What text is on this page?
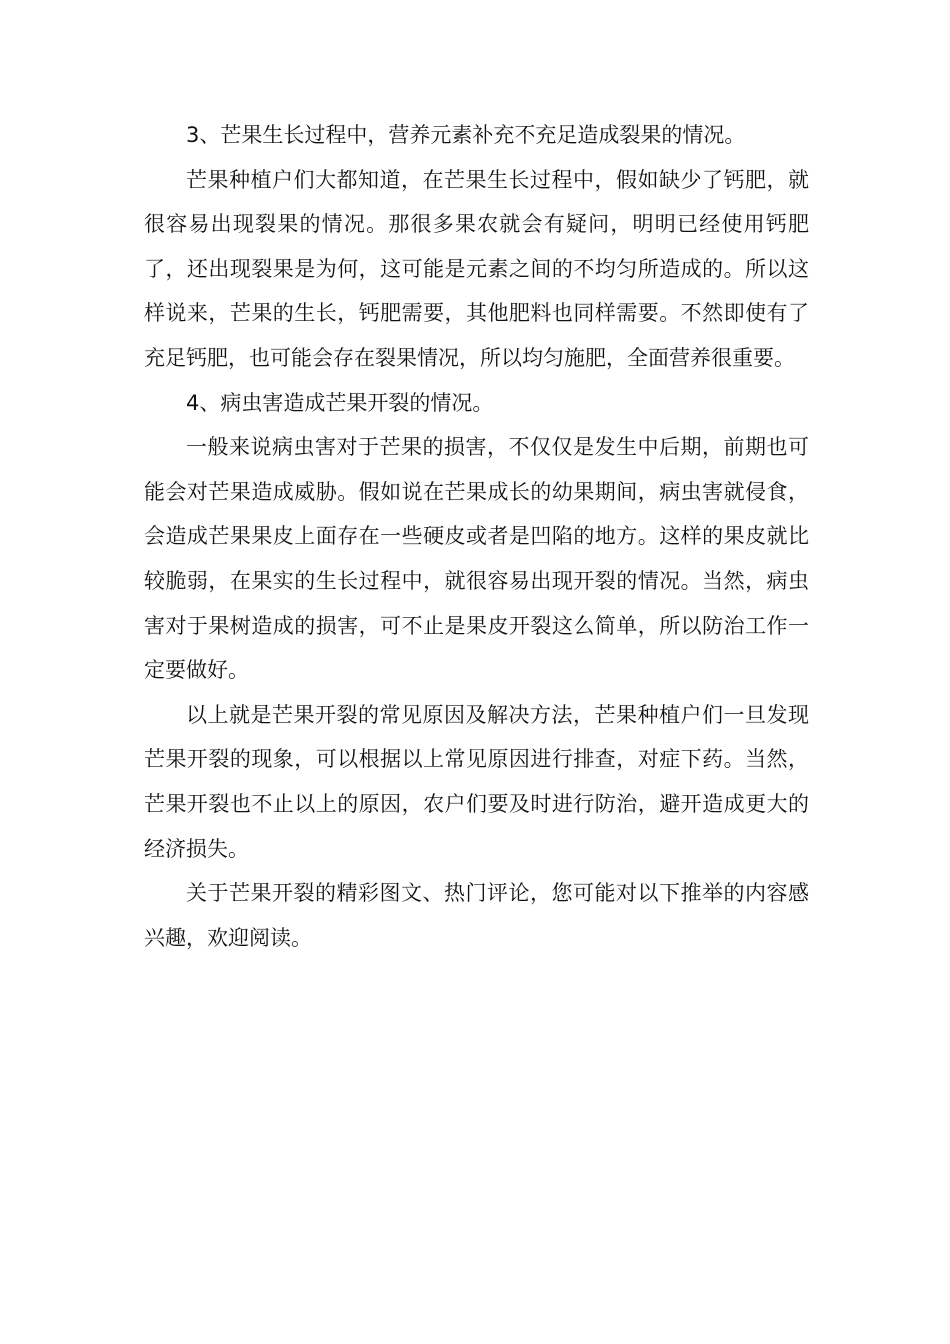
3、芒果生长过程中，营养元素补充不充足造成裂果的情况。

芒果种植户们大都知道，在芒果生长过程中，假如缺少了钙肥，就很容易出现裂果的情况。那很多果农就会有疑问，明明已经使用钙肥了，还出现裂果是为何，这可能是元素之间的不均匀所造成的。所以这样说来，芒果的生长，钙肥需要，其他肥料也同样需要。不然即使有了充足钙肥，也可能会存在裂果情况，所以均匀施肥，全面营养很重要。

4、病虫害造成芒果开裂的情况。

一般来说病虫害对于芒果的损害，不仅仅是发生中后期，前期也可能会对芒果造成威胁。假如说在芒果成长的幼果期间，病虫害就侵食，会造成芒果果皮上面存在一些硬皮或者是凹陷的地方。这样的果皮就比较脆弱，在果实的生长过程中，就很容易出现开裂的情况。当然，病虫害对于果树造成的损害，可不止是果皮开裂这么简单，所以防治工作一定要做好。

以上就是芒果开裂的常见原因及解决方法，芒果种植户们一旦发现芒果开裂的现象，可以根据以上常见原因进行排查，对症下药。当然，芒果开裂也不止以上的原因，农户们要及时进行防治，避开造成更大的经济损失。

关于芒果开裂的精彩图文、热门评论，您可能对以下推举的内容感兴趣，欢迎阅读。
